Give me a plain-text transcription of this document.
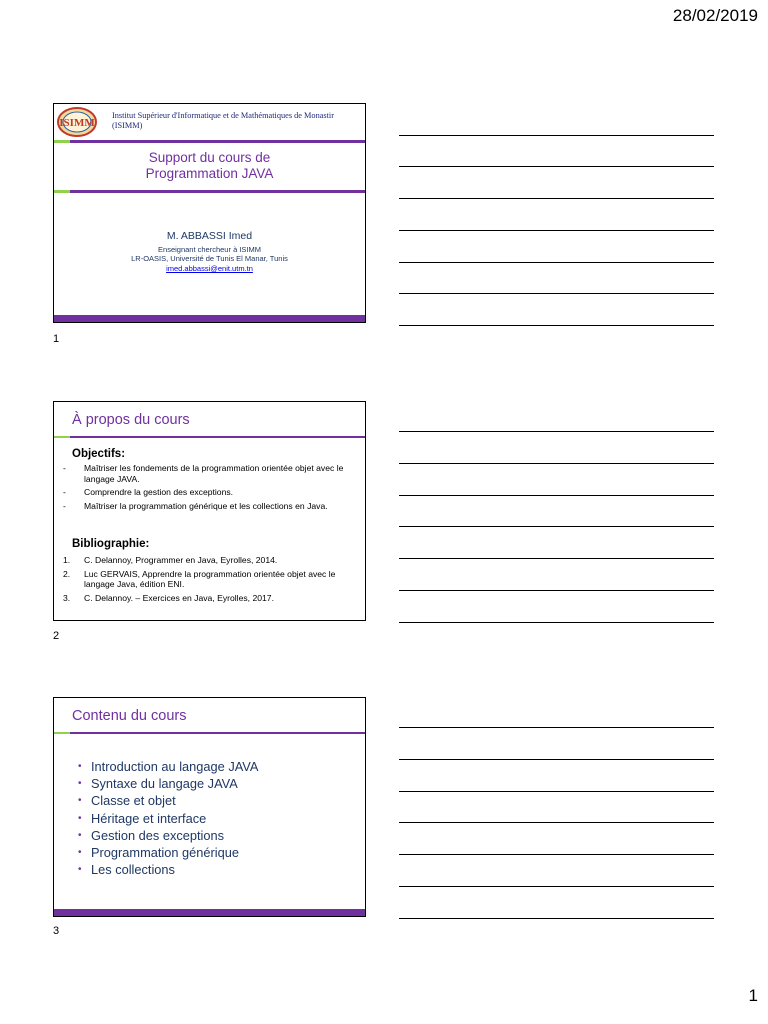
28/02/2019
ISIMM
Institut Supérieur d'Informatique et de Mathématiques de Monastir (ISIMM)
Support du cours de
Programmation JAVA
M. ABBASSI Imed
Enseignant chercheur à ISIMM
LR-OASIS, Université de Tunis El Manar, Tunis
imed.abbassi@enit.utm.tn
1
À propos du cours
Objectifs:
- Maîtriser les fondements de la programmation orientée objet avec le langage JAVA.
- Comprendre la gestion des exceptions.
- Maîtriser la programmation générique et les collections en Java.
Bibliographie:
1. C. Delannoy, Programmer en Java, Eyrolles, 2014.
2. Luc GERVAIS, Apprendre la programmation orientée objet avec le langage Java, édition ENI.
3. C. Delannoy. – Exercices en Java, Eyrolles, 2017.
2
Contenu du cours
• Introduction au langage JAVA
• Syntaxe du langage JAVA
• Classe et objet
• Héritage et interface
• Gestion des exceptions
• Programmation générique
• Les collections
3
1
